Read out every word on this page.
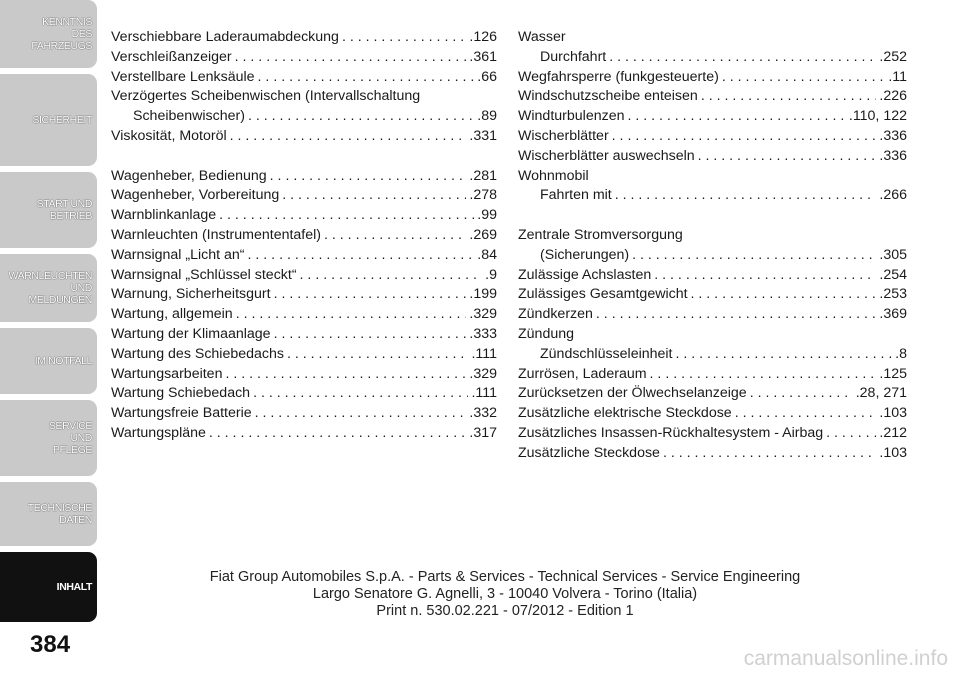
KENNTNIS
DES
FAHRZEUGS
SICHERHEIT
START UND
BETRIEB
WARNLEUCHTEN
UND
MELDUNGEN
IM NOTFALL
SERVICE
UND
PFLEGE
TECHNISCHE
DATEN
INHALT
384
Verschiebbare Laderaumabdeckung . . .	.126
Verschleißanzeiger . . .	.361
Verstellbare Lenksäule . . .	.66
Verzögertes Scheibenwischen (Intervallschaltung
Scheibenwischer) . . .	.89
Viskosität, Motoröl . . .	.331
Wagenheber, Bedienung . . .	.281
Wagenheber, Vorbereitung . . .	.278
Warnblinkanlage . . .	.99
Warnleuchten (Instrumententafel) . . .	.269
Warnsignal „Licht an“ . . .	.84
Warnsignal „Schlüssel steckt“ . . .	.9
Warnung, Sicherheitsgurt . . .	.199
Wartung, allgemein . . .	.329
Wartung der Klimaanlage . . .	.333
Wartung des Schiebedachs . . .	.111
Wartungsarbeiten . . .	.329
Wartung Schiebedach . . .	.111
Wartungsfreie Batterie . . .	.332
Wartungspläne . . .	.317
Wasser
Durchfahrt . . .	.252
Wegfahrsperre (funkgesteuerte) . . .	.11
Windschutzscheibe enteisen . . .	.226
Windturbulenzen . . .	.110, 122
Wischerblätter . . .	.336
Wischerblätter auswechseln . . .	.336
Wohnmobil
Fahrten mit . . .	.266
Zentrale Stromversorgung
(Sicherungen) . . .	.305
Zulässige Achslasten . . .	.254
Zulässiges Gesamtgewicht . . .	.253
Zündkerzen . . .	.369
Zündung
Zündschlüsseleinheit . . .	.8
Zurrösen, Laderaum . . .	.125
Zurücksetzen der Ölwechselanzeige . . .	.28, 271
Zusätzliche elektrische Steckdose . . .	.103
Zusätzliches Insassen-Rückhaltesystem - Airbag . . .	.212
Zusätzliche Steckdose . . .	.103
Fiat Group Automobiles S.p.A. - Parts & Services - Technical Services - Service Engineering
Largo Senatore G. Agnelli, 3 - 10040 Volvera - Torino (Italia)
Print n. 530.02.221 - 07/2012 - Edition 1
carmanualsonline.info
